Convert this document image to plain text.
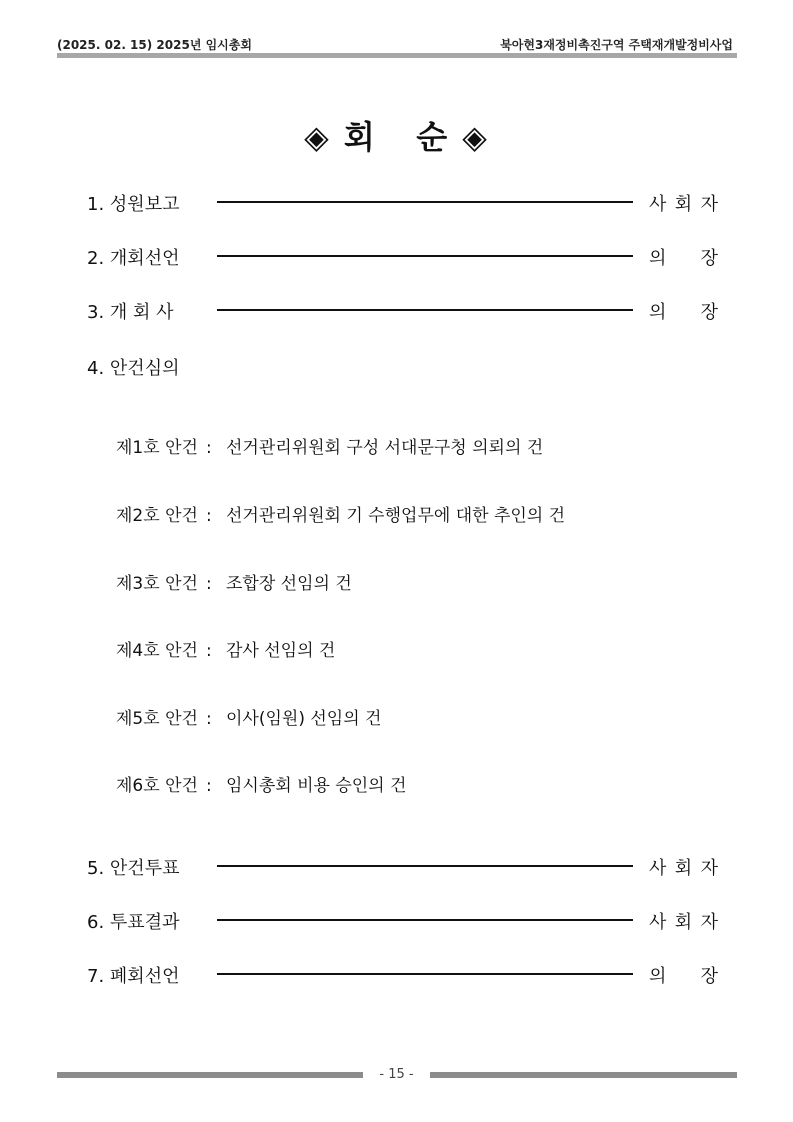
(2025. 02. 15) 2025년 임시총회	북아현3재정비촉진구역 주택재개발정비사업
◈ 회   순 ◈
1. 성원보고	사 회 자
2. 개회선언	의 장
3. 개 회 사	의 장
4. 안건심의
제1호 안건 : 선거관리위원회 구성 서대문구청 의뢰의 건
제2호 안건 : 선거관리위원회 기 수행업무에 대한 추인의 건
제3호 안건 : 조합장 선임의 건
제4호 안건 : 감사 선임의 건
제5호 안건 : 이사(임원) 선임의 건
제6호 안건 : 임시총회 비용 승인의 건
5. 안건투표	사 회 자
6. 투표결과	사 회 자
7. 폐회선언	의 장
- 15 -
